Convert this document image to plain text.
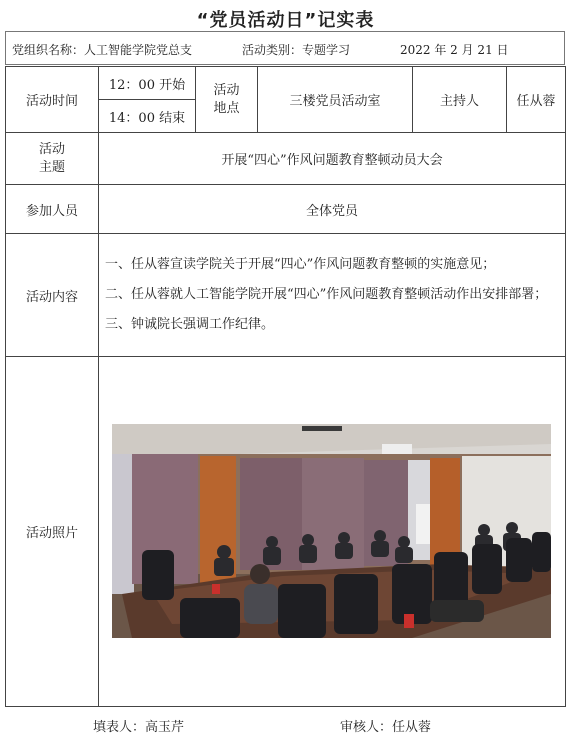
“党员活动日”记实表
党组织名称：人工智能学院党总支	活动类别：专题学习	2022 年 2 月 21 日
活动时间	12：00 开始	活动地点	三楼党员活动室	主持人	任从蓉
	14：00 结束				
活动主题	开展“四心”作风问题教育整顿动员大会				
参加人员	全体党员				
活动内容	一、任从蓉宣读学院关于开展“四心”作风问题教育整顿的实施意见；
二、任从蓉就人工智能学院开展“四心”作风问题教育整顿活动作出安排部署；
三、钟诚院长强调工作纪律。				

活动照片	
填表人：高玉芹	审核人：任从蓉
